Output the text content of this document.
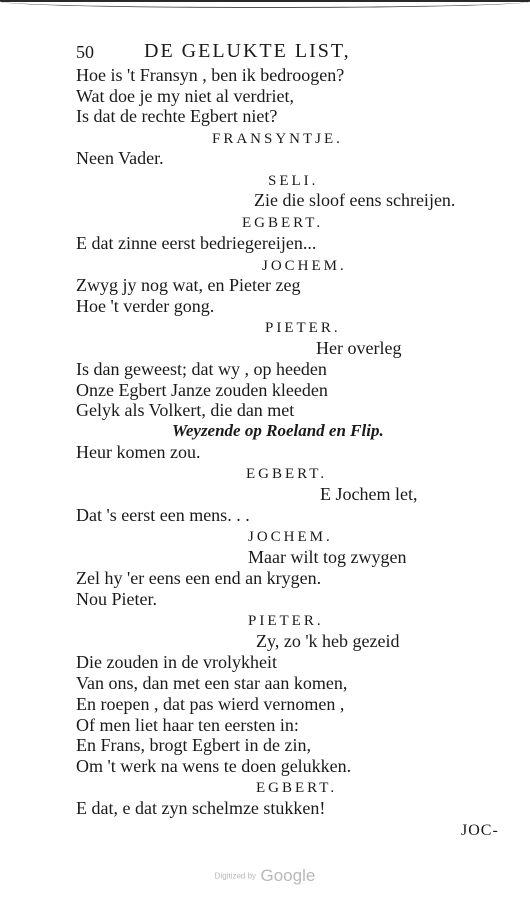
50	DE GELUKTE LIST,
Hoe is 't Fransyn , ben ik bedroogen?
Wat doe je my niet al verdriet,
Is dat de rechte Egbert niet?
FRANSYNTJE.
Neen Vader.
SELI.
Zie die sloof eens schreijen.
EGBERT.
E dat zinne eerst bedriegereijen...
JOCHEM.
Zwyg jy nog wat, en Pieter zeg
Hoe 't verder gong.
PIETER.
Her overleg
Is dan geweest; dat wy , op heeden
Onze Egbert Janze zouden kleeden
Gelyk als Volkert, die dan met
Weyzende op Roeland en Flip.
Heur komen zou.
EGBERT.
E Jochem let,
Dat 's eerst een mens. . .
JOCHEM.
Maar wilt tog zwygen
Zel hy 'er eens een end an krygen.
Nou Pieter.
PIETER.
Zy, zo 'k heb gezeid
Die zouden in de vrolykheit
Van ons, dan met een star aan komen,
En roepen , dat pas wierd vernomen ,
Of men liet haar ten eersten in:
En Frans, brogt Egbert in de zin,
Om 't werk na wens te doen gelukken.
EGBERT.
E dat, e dat zyn schelmze stukken!
JOC-
Digitized by Google
